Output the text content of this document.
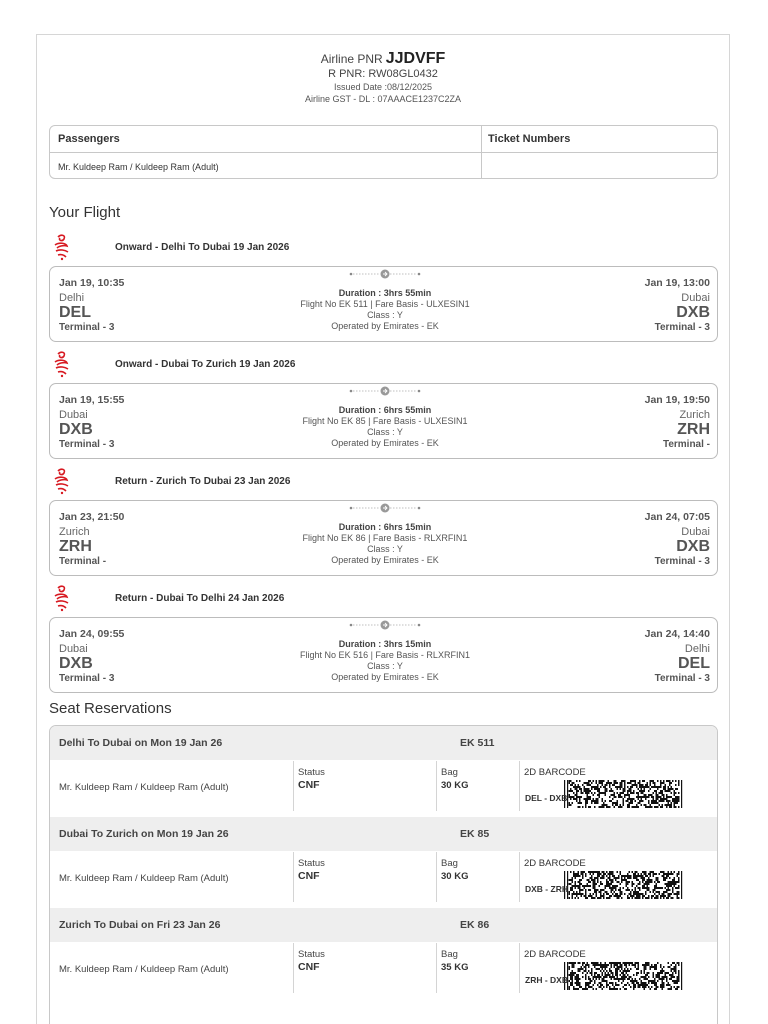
Airline PNR JJDVFF
R PNR: RW08GL0432
Issued Date :08/12/2025
Airline GST - DL : 07AAACE1237C2ZA
Passengers	Ticket Numbers
Mr. Kuldeep Ram / Kuldeep Ram (Adult)
Your Flight
Onward - Delhi To Dubai 19 Jan 2026
Jan 19, 10:35
Delhi
DEL
Terminal - 3
Duration : 3hrs 55min
Flight No EK 511 | Fare Basis - ULXESIN1
Class : Y
Operated by Emirates - EK
Jan 19, 13:00
Dubai
DXB
Terminal - 3
Onward - Dubai To Zurich 19 Jan 2026
Jan 19, 15:55
Dubai
DXB
Terminal - 3
Duration : 6hrs 55min
Flight No EK 85 | Fare Basis - ULXESIN1
Class : Y
Operated by Emirates - EK
Jan 19, 19:50
Zurich
ZRH
Terminal -
Return - Zurich To Dubai 23 Jan 2026
Jan 23, 21:50
Zurich
ZRH
Terminal -
Duration : 6hrs 15min
Flight No EK 86 | Fare Basis - RLXRFIN1
Class : Y
Operated by Emirates - EK
Jan 24, 07:05
Dubai
DXB
Terminal - 3
Return - Dubai To Delhi 24 Jan 2026
Jan 24, 09:55
Dubai
DXB
Terminal - 3
Duration : 3hrs 15min
Flight No EK 516 | Fare Basis - RLXRFIN1
Class : Y
Operated by Emirates - EK
Jan 24, 14:40
Delhi
DEL
Terminal - 3
Seat Reservations
Delhi To Dubai on Mon 19 Jan 26	EK 511
Mr. Kuldeep Ram / Kuldeep Ram (Adult)
Status
CNF
Bag
30 KG
2D BARCODE
DEL - DXB
Dubai To Zurich on Mon 19 Jan 26	EK 85
Mr. Kuldeep Ram / Kuldeep Ram (Adult)
Status
CNF
Bag
30 KG
2D BARCODE
DXB - ZRH
Zurich To Dubai on Fri 23 Jan 26	EK 86
Mr. Kuldeep Ram / Kuldeep Ram (Adult)
Status
CNF
Bag
35 KG
2D BARCODE
ZRH - DXB
